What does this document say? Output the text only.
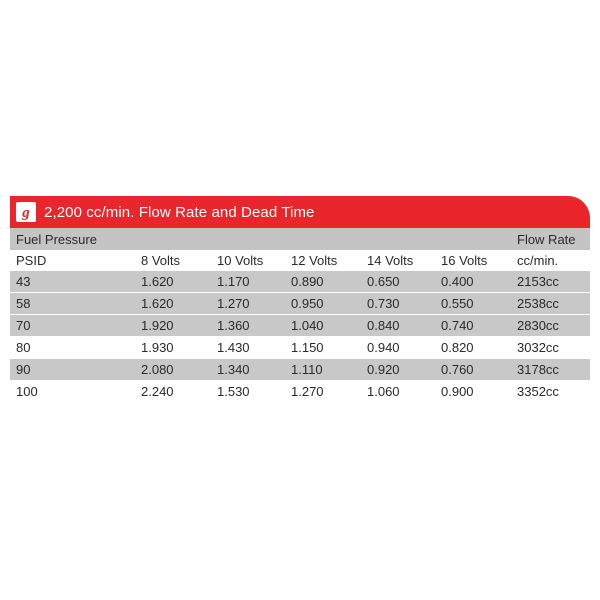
g 2,200 cc/min. Flow Rate and Dead Time
Fuel Pressure						Flow Rate
PSID	8 Volts	10 Volts	12 Volts	14 Volts	16 Volts	cc/min.
43	1.620	1.170	0.890	0.650	0.400	2153cc
58	1.620	1.270	0.950	0.730	0.550	2538cc
70	1.920	1.360	1.040	0.840	0.740	2830cc
80	1.930	1.430	1.150	0.940	0.820	3032cc
90	2.080	1.340	1.110	0.920	0.760	3178cc
100	2.240	1.530	1.270	1.060	0.900	3352cc
